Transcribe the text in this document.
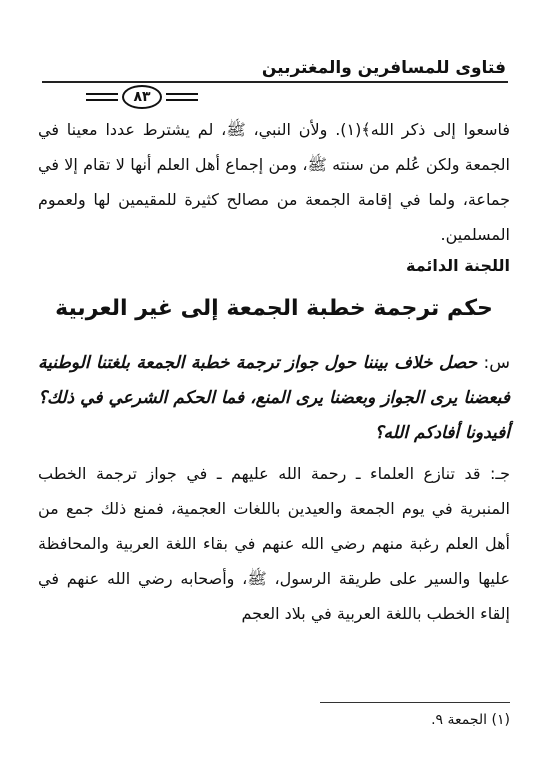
فتاوى للمسافرين والمغتربين
٨٣

فاسعوا إلى ذكر الله﴾(١). ولأن النبي، ﷺ، لم يشترط عددا معينا في الجمعة ولكن عُلم من سنته ﷺ، ومن إجماع أهل العلم أنها لا تقام إلا في جماعة، ولما في إقامة الجمعة من مصالح كثيرة للمقيمين لها ولعموم المسلمين.

اللجنة الدائمة

حكم ترجمة خطبة الجمعة إلى غير العربية

س: حصل خلاف بيننا حول جواز ترجمة خطبة الجمعة بلغتنا الوطنية فبعضنا يرى الجواز وبعضنا يرى المنع، فما الحكم الشرعي في ذلك؟ أفيدونا أفادكم الله؟

جـ: قد تنازع العلماء ـ رحمة الله عليهم ـ في جواز ترجمة الخطب المنبرية في يوم الجمعة والعيدين باللغات العجمية، فمنع ذلك جمع من أهل العلم رغبة منهم رضي الله عنهم في بقاء اللغة العربية والمحافظة عليها والسير على طريقة الرسول، ﷺ، وأصحابه رضي الله عنهم في إلقاء الخطب باللغة العربية في بلاد العجم

(١) الجمعة ٩.
